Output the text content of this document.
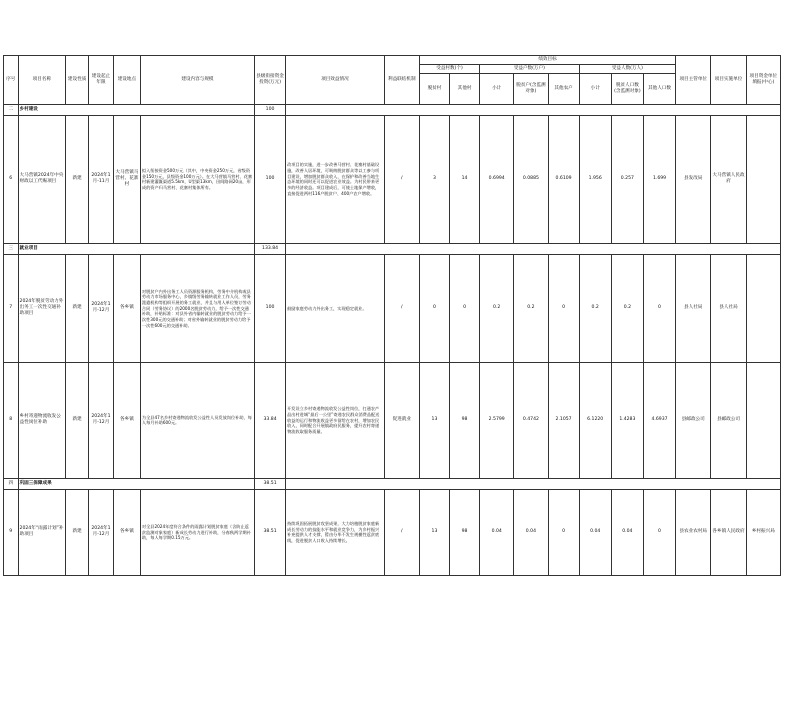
序号	项目名称	建设性质	建设起止年限	建设地点	建设内容与规模	县级衔接资金投资(万元)	项目效益情况	利益联结机制	绩效目标								项目主管单位	项目实施单位	项目资金单位填报(中心)
									受益村数(个)		受益户数(万户)			受益人数(万人)					
									脱贫村	其他村	小计	脱贫户(含监测对象)	其他农户	小计	脱贫人口数(含监测对象)	其他人口数			

二	乡村建设					100													
6	大马营镇2024年中央财政以工代赈项目	新建	2024年1月-11月	大马营镇马营村、花寨村	拟入衔接资金500万元（其中，中央资金250万元，省级资金150万元，县级资金100万元）。在大马营镇马营村、花寨村新建灌溉渠道5.5km，U型渠13km，田间路网20亩，形成的资产归马营村、花寨村集体所有。	100	改项目的实施，进一步改善马营村、花寨村基础设施，改善人居环境，可吸纳脱贫群众等以工参与项目建设，增加脱贫群众收入，在保护和改善当地生态环境的同时还可以促进农业效益。为村民带来更多的经济收益。项目建成后，可使土地保产增收，直接促进两村116户脱贫户、400户农户增收。	/	3	14	0.6994	0.0885	0.6109	1.956	0.257	1.699	县发改局	大马营镇人民政府	
三	就业项目					133.84													
7	2024年脱贫劳动力外出务工一次性交通补助项目	新建	2024年1月-12月	各乡镇	对脱贫户内外出务工人员资源服务机构，劳务中介机构或县劳动力市场服务中心，乡镇级劳务输转就业工作人员，劳务派遣机构等组织开展的务工就业，并且与用人单位签订劳动合同（劳务协议）的2000名脱贫劳动力，给予一次性交通补助，补贴标准：对县外省内输转就业的脱贫劳动力给予一次性300元的交通补助；对省外输转就业的脱贫劳动力给予一次性600元的交通补助。	100	鼓励家庭劳动力外出务工，实现稳定就业。	/	0	0	0.2	0.2	0	0.2	0.2	0	县人社局	县人社局	
8	乡村寄递物流收发公益性岗位补助	新建	2024年1月-12月	各乡镇	为全县47名乡村寄递物流收发公益性人员发放岗位补助，每人每月补助600元。	33.84	开发设立乡村寄递物流收发公益性岗位，打通农产品出村进城“最后一公里”寄递农民群众消费品配送收益的运行和物流收益更多留给在农村，增加农民收入，同时配合开展镇政府民服务，提升农村寄递物流收取服务质量。	促进就业	13	98	2.5799	0.4742	2.1057	6.1220	1.4283	4.6937	县邮政公司	县邮政公司	
四	巩固三保障成果					38.51													
9	2024年“雨露计划”补助项目	新建	2024年1月-12月	各乡镇	对全县2024年度符合条件的雨露计划脱贫家庭（含防止返贫监测对象家庭）新成长劳动力进行补助，分春秋两学期补助，每人每学期0.15万元。	38.51	持续巩固拓展脱贫攻坚成果，大力培植脱贫家庭新成长劳动力的技能水平和就业竞争力，为乡村振兴补充提供人才支撑，暂由分毕不发生规模性返贫底线，促进脱贫人口收入持续增长。	/	13	98	0.04	0.04	0	0.04	0.04	0	县农业农村局	各乡镇人民政府	乡村振兴局
